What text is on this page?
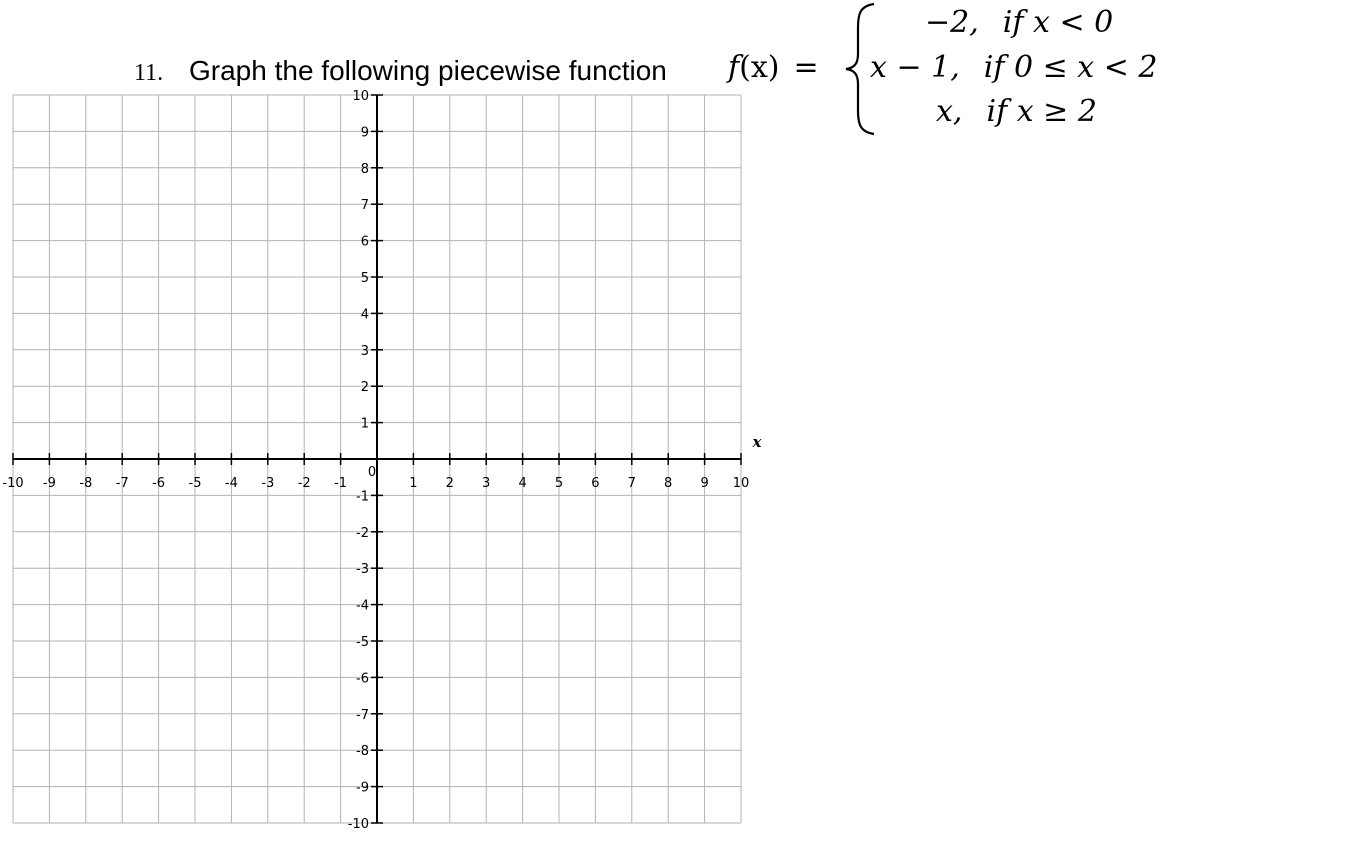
11. Graph the following piecewise function f(x) =
−2, if x < 0
x − 1, if 0 ≤ x < 2
x, if x ≥ 2
-10 -9 -8 -7 -6 -5 -4 -3 -2 -1
0
1 2 3 4 5 6 7 8 9 10
10
9
8
7
6
5
4
3
2
1
-1
-2
-3
-4
-5
-6
-7
-8
-9
-10
x
